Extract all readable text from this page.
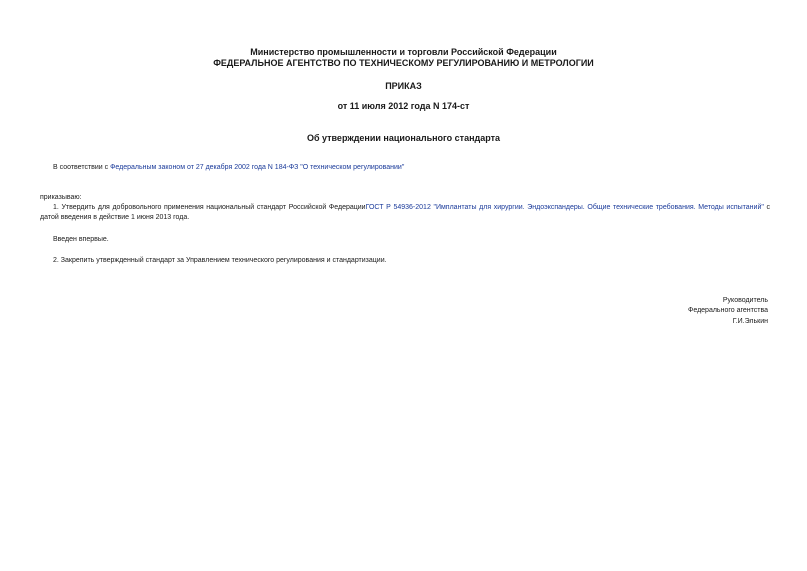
Министерство промышленности и торговли Российской Федерации
ФЕДЕРАЛЬНОЕ АГЕНТСТВО ПО ТЕХНИЧЕСКОМУ РЕГУЛИРОВАНИЮ И МЕТРОЛОГИИ
ПРИКАЗ
от 11 июля 2012 года N 174-ст
Об утверждении национального стандарта
В соответствии с Федеральным законом от 27 декабря 2002 года N 184-ФЗ "О техническом регулировании"
приказываю:
1. Утвердить для добровольного применения национальный стандарт Российской ФедерацииГОСТ Р 54936-2012 "Имплантаты для хирургии. Эндоэкспандеры. Общие технические требования. Методы испытаний" с датой введения в действие 1 июня 2013 года.
Введен впервые.
2. Закрепить утвержденный стандарт за Управлением технического регулирования и стандартизации.
Руководитель
Федерального агентства
Г.И.Элькин
